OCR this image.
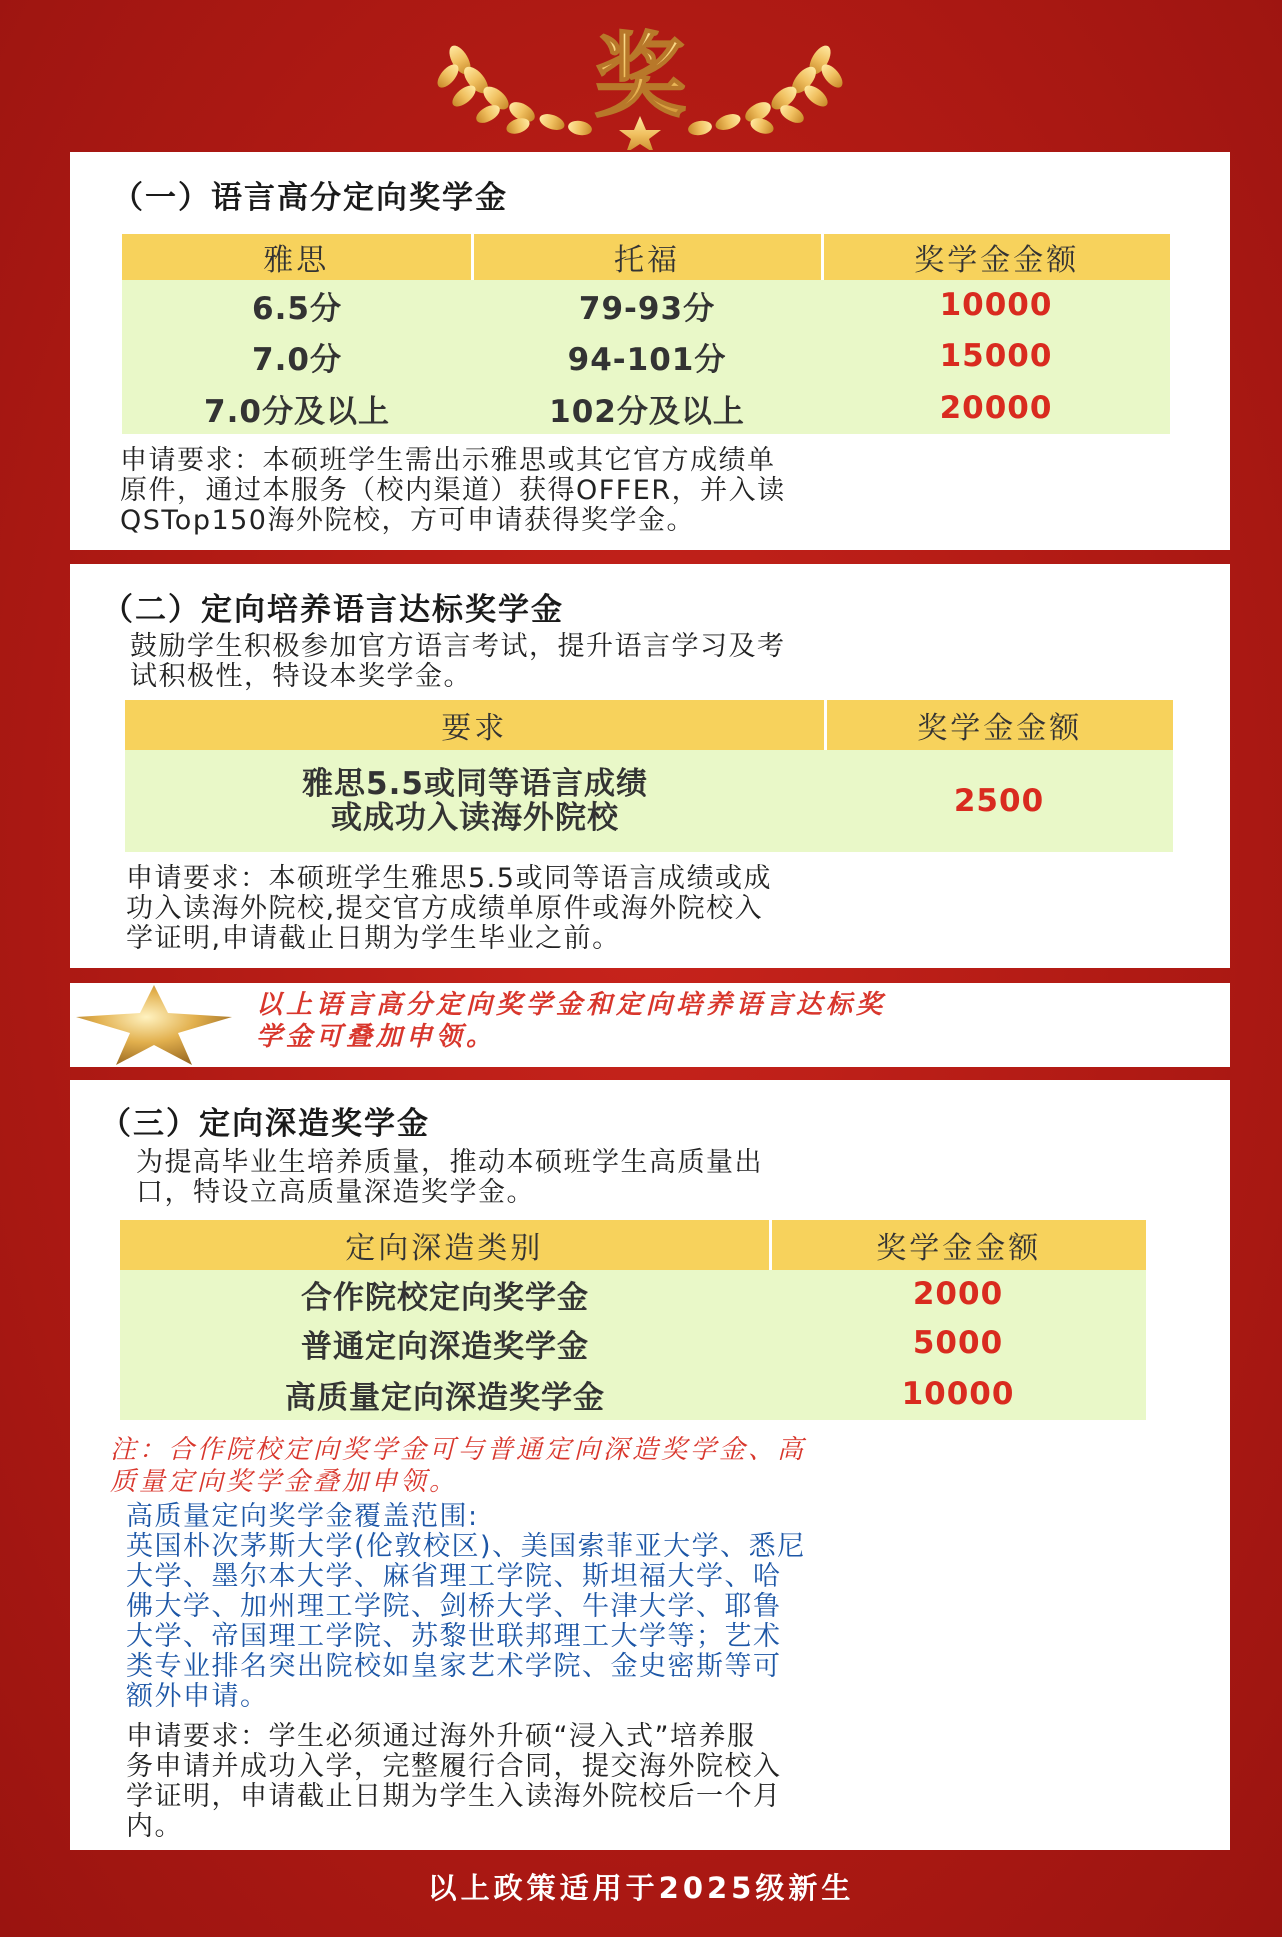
奖
（一）语言高分定向奖学金
雅思	托福	奖学金金额
6.5分	79-93分	10000
7.0分	94-101分	15000
7.0分及以上	102分及以上	20000
申请要求：本硕班学生需出示雅思或其它官方成绩单
原件，通过本服务（校内渠道）获得OFFER，并入读
QSTop150海外院校，方可申请获得奖学金。
（二）定向培养语言达标奖学金
鼓励学生积极参加官方语言考试，提升语言学习及考
试积极性，特设本奖学金。
要求	奖学金金额

雅思5.5或同等语言成绩
或成功入读海外院校	2500
申请要求：本硕班学生雅思5.5或同等语言成绩或成
功入读海外院校,提交官方成绩单原件或海外院校入
学证明,申请截止日期为学生毕业之前。
以上语言高分定向奖学金和定向培养语言达标奖
学金可叠加申领。
（三）定向深造奖学金
为提高毕业生培养质量，推动本硕班学生高质量出
口，特设立高质量深造奖学金。
定向深造类别	奖学金金额
合作院校定向奖学金	2000
普通定向深造奖学金	5000
高质量定向深造奖学金	10000
注：合作院校定向奖学金可与普通定向深造奖学金、高
质量定向奖学金叠加申领。
高质量定向奖学金覆盖范围:
英国朴次茅斯大学(伦敦校区)、美国索菲亚大学、悉尼
大学、墨尔本大学、麻省理工学院、斯坦福大学、哈
佛大学、加州理工学院、剑桥大学、牛津大学、耶鲁
大学、帝国理工学院、苏黎世联邦理工大学等；艺术
类专业排名突出院校如皇家艺术学院、金史密斯等可
额外申请。
申请要求：学生必须通过海外升硕“浸入式”培养服
务申请并成功入学，完整履行合同，提交海外院校入
学证明，申请截止日期为学生入读海外院校后一个月
内。
以上政策适用于2025级新生
